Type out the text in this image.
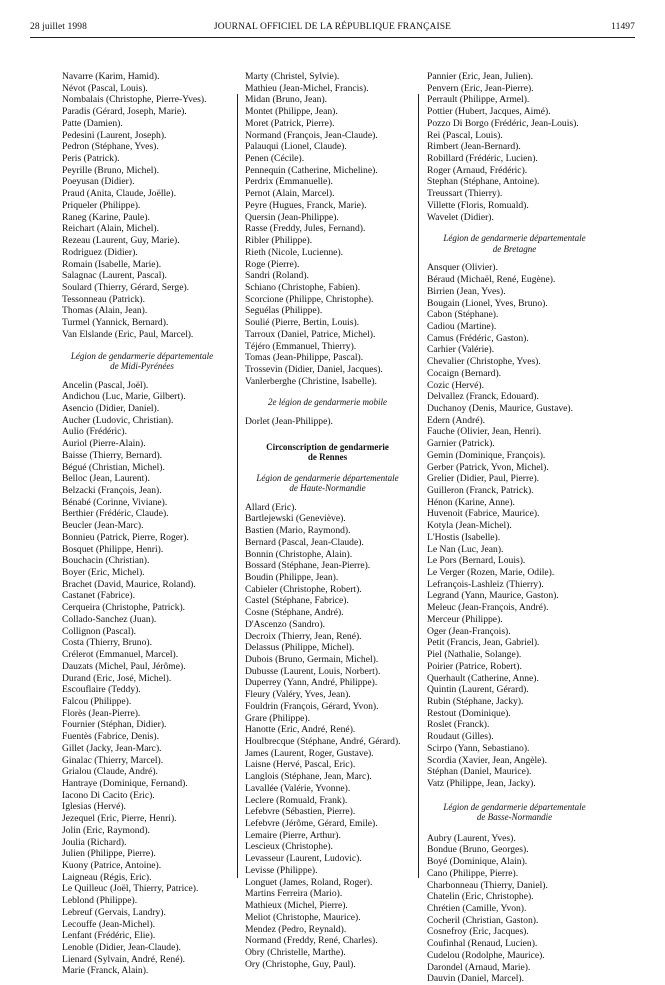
28 juillet 1998	JOURNAL OFFICIEL DE LA RÉPUBLIQUE FRANÇAISE	11497
Navarre (Karim, Hamid).
Névot (Pascal, Louis).
Nombalais (Christophe, Pierre-Yves).
Paradis (Gérard, Joseph, Marie).
Patte (Damien).
Pedesini (Laurent, Joseph).
Pedron (Stéphane, Yves).
Peris (Patrick).
Peyrille (Bruno, Michel).
Poeyusan (Didier).
Praud (Anita, Claude, Joëlle).
Priqueler (Philippe).
Raneg (Karine, Paule).
Reichart (Alain, Michel).
Rezeau (Laurent, Guy, Marie).
Rodriguez (Didier).
Romain (Isabelle, Marie).
Salagnac (Laurent, Pascal).
Soulard (Thierry, Gérard, Serge).
Tessonneau (Patrick).
Thomas (Alain, Jean).
Turmel (Yannick, Bernard).
Van Elslande (Eric, Paul, Marcel).
Légion de gendarmerie départementale
de Midi-Pyrénées
Ancelin (Pascal, Joël).
Andichou (Luc, Marie, Gilbert).
Asencio (Didier, Daniel).
Aucher (Ludovic, Christian).
Aulio (Frédéric).
Auriol (Pierre-Alain).
Baisse (Thierry, Bernard).
Bégué (Christian, Michel).
Belloc (Jean, Laurent).
Belzacki (François, Jean).
Bénabé (Corinne, Viviane).
Berthier (Frédéric, Claude).
Beucler (Jean-Marc).
Bonnieu (Patrick, Pierre, Roger).
Bosquet (Philippe, Henri).
Bouchacin (Christian).
Boyer (Eric, Michel).
Brachet (David, Maurice, Roland).
Castanet (Fabrice).
Cerqueira (Christophe, Patrick).
Collado-Sanchez (Juan).
Collignon (Pascal).
Costa (Thierry, Bruno).
Crélerot (Emmanuel, Marcel).
Dauzats (Michel, Paul, Jérôme).
Durand (Eric, José, Michel).
Escouflaire (Teddy).
Falcou (Philippe).
Florès (Jean-Pierre).
Fournier (Stéphan, Didier).
Fuentès (Fabrice, Denis).
Gillet (Jacky, Jean-Marc).
Ginalac (Thierry, Marcel).
Grialou (Claude, André).
Hantraye (Dominique, Fernand).
Iacono Di Cacito (Eric).
Iglesias (Hervé).
Jezequel (Eric, Pierre, Henri).
Jolin (Eric, Raymond).
Joulia (Richard).
Julien (Philippe, Pierre).
Kuony (Patrice, Antoine).
Laigneau (Régis, Eric).
Le Quilleuc (Joël, Thierry, Patrice).
Leblond (Philippe).
Lebreuf (Gervais, Landry).
Lecouffe (Jean-Michel).
Lenfant (Frédéric, Elie).
Lenoble (Didier, Jean-Claude).
Lienard (Sylvain, André, René).
Marie (Franck, Alain).
Marty (Christel, Sylvie).
Mathieu (Jean-Michel, Francis).
Midan (Bruno, Jean).
Montet (Philippe, Jean).
Moret (Patrick, Pierre).
Normand (François, Jean-Claude).
Palauqui (Lionel, Claude).
Penen (Cécile).
Pennequin (Catherine, Micheline).
Perdrix (Emmanuelle).
Pernot (Alain, Marcel).
Peyre (Hugues, Franck, Marie).
Quersin (Jean-Philippe).
Rasse (Freddy, Jules, Fernand).
Ribler (Philippe).
Rieth (Nicole, Lucienne).
Roge (Pierre).
Sandri (Roland).
Schiano (Christophe, Fabien).
Scorcione (Philippe, Christophe).
Seguélas (Philippe).
Soulié (Pierre, Bertin, Louis).
Tarroux (Daniel, Patrice, Michel).
Téjéro (Emmanuel, Thierry).
Tomas (Jean-Philippe, Pascal).
Trossevin (Didier, Daniel, Jacques).
Vanlerberghe (Christine, Isabelle).
2e légion de gendarmerie mobile
Dorlet (Jean-Philippe).
Circonscription de gendarmerie
de Rennes
Légion de gendarmerie départementale
de Haute-Normandie
Allard (Eric).
Bartlejewski (Geneviève).
Bastien (Mario, Raymond).
Bernard (Pascal, Jean-Claude).
Bonnin (Christophe, Alain).
Bossard (Stéphane, Jean-Pierre).
Boudin (Philippe, Jean).
Cabieler (Christophe, Robert).
Castel (Stéphane, Fabrice).
Cosne (Stéphane, André).
D'Ascenzo (Sandro).
Decroix (Thierry, Jean, René).
Delassus (Philippe, Michel).
Dubois (Bruno, Germain, Michel).
Dubusse (Laurent, Louis, Norbert).
Duperrey (Yann, André, Philippe).
Fleury (Valéry, Yves, Jean).
Fouldrin (François, Gérard, Yvon).
Grare (Philippe).
Hanotte (Eric, André, René).
Houlbrecque (Stéphane, André, Gérard).
James (Laurent, Roger, Gustave).
Laisne (Hervé, Pascal, Eric).
Langlois (Stéphane, Jean, Marc).
Lavallée (Valérie, Yvonne).
Leclere (Romuald, Frank).
Lefebvre (Sébastien, Pierre).
Lefebvre (Jérôme, Gérard, Emile).
Lemaire (Pierre, Arthur).
Lescieux (Christophe).
Levasseur (Laurent, Ludovic).
Levisse (Philippe).
Longuet (James, Roland, Roger).
Martins Ferreira (Mario).
Mathieux (Michel, Pierre).
Meliot (Christophe, Maurice).
Mendez (Pedro, Reynald).
Normand (Freddy, René, Charles).
Obry (Christelle, Marthe).
Ory (Christophe, Guy, Paul).
Pannier (Eric, Jean, Julien).
Penvern (Eric, Jean-Pierre).
Perrault (Philippe, Armel).
Pottier (Hubert, Jacques, Aimé).
Pozzo Di Borgo (Frédéric, Jean-Louis).
Rei (Pascal, Louis).
Rimbert (Jean-Bernard).
Robillard (Frédéric, Lucien).
Roger (Arnaud, Frédéric).
Stephan (Stéphane, Antoine).
Treussart (Thierry).
Villette (Floris, Romuald).
Wavelet (Didier).
Légion de gendarmerie départementale
de Bretagne
Ansquer (Olivier).
Béraud (Michaël, René, Eugène).
Birrien (Jean, Yves).
Bougain (Lionel, Yves, Bruno).
Cabon (Stéphane).
Cadiou (Martine).
Camus (Frédéric, Gaston).
Carhier (Valérie).
Chevalier (Christophe, Yves).
Cocaign (Bernard).
Cozic (Hervé).
Delvallez (Franck, Edouard).
Duchanoy (Denis, Maurice, Gustave).
Edern (André).
Fauche (Olivier, Jean, Henri).
Garnier (Patrick).
Gemin (Dominique, François).
Gerber (Patrick, Yvon, Michel).
Grelier (Didier, Paul, Pierre).
Guilleron (Franck, Patrick).
Hénon (Karine, Anne).
Huvenoit (Fabrice, Maurice).
Kotyla (Jean-Michel).
L'Hostis (Isabelle).
Le Nan (Luc, Jean).
Le Pors (Bernard, Louis).
Le Verger (Rozen, Marie, Odile).
Lefrançois-Lashleiz (Thierry).
Legrand (Yann, Maurice, Gaston).
Meleuc (Jean-François, André).
Merceur (Philippe).
Oger (Jean-François).
Petit (Francis, Jean, Gabriel).
Piel (Nathalie, Solange).
Poirier (Patrice, Robert).
Querhault (Catherine, Anne).
Quintin (Laurent, Gérard).
Rubin (Stéphane, Jacky).
Restout (Dominique).
Roslet (Franck).
Roudaut (Gilles).
Scirpo (Yann, Sebastiano).
Scordia (Xavier, Jean, Angèle).
Stéphan (Daniel, Maurice).
Vatz (Philippe, Jean, Jacky).
Légion de gendarmerie départementale
de Basse-Normandie
Aubry (Laurent, Yves).
Bondue (Bruno, Georges).
Boyé (Dominique, Alain).
Cano (Philippe, Pierre).
Charbonneau (Thierry, Daniel).
Chatelin (Eric, Christophe).
Chrétien (Camille, Yvon).
Cocheril (Christian, Gaston).
Cosnefroy (Eric, Jacques).
Coufinhal (Renaud, Lucien).
Cudelou (Rodolphe, Maurice).
Darondel (Arnaud, Marie).
Dauvin (Daniel, Marcel).
